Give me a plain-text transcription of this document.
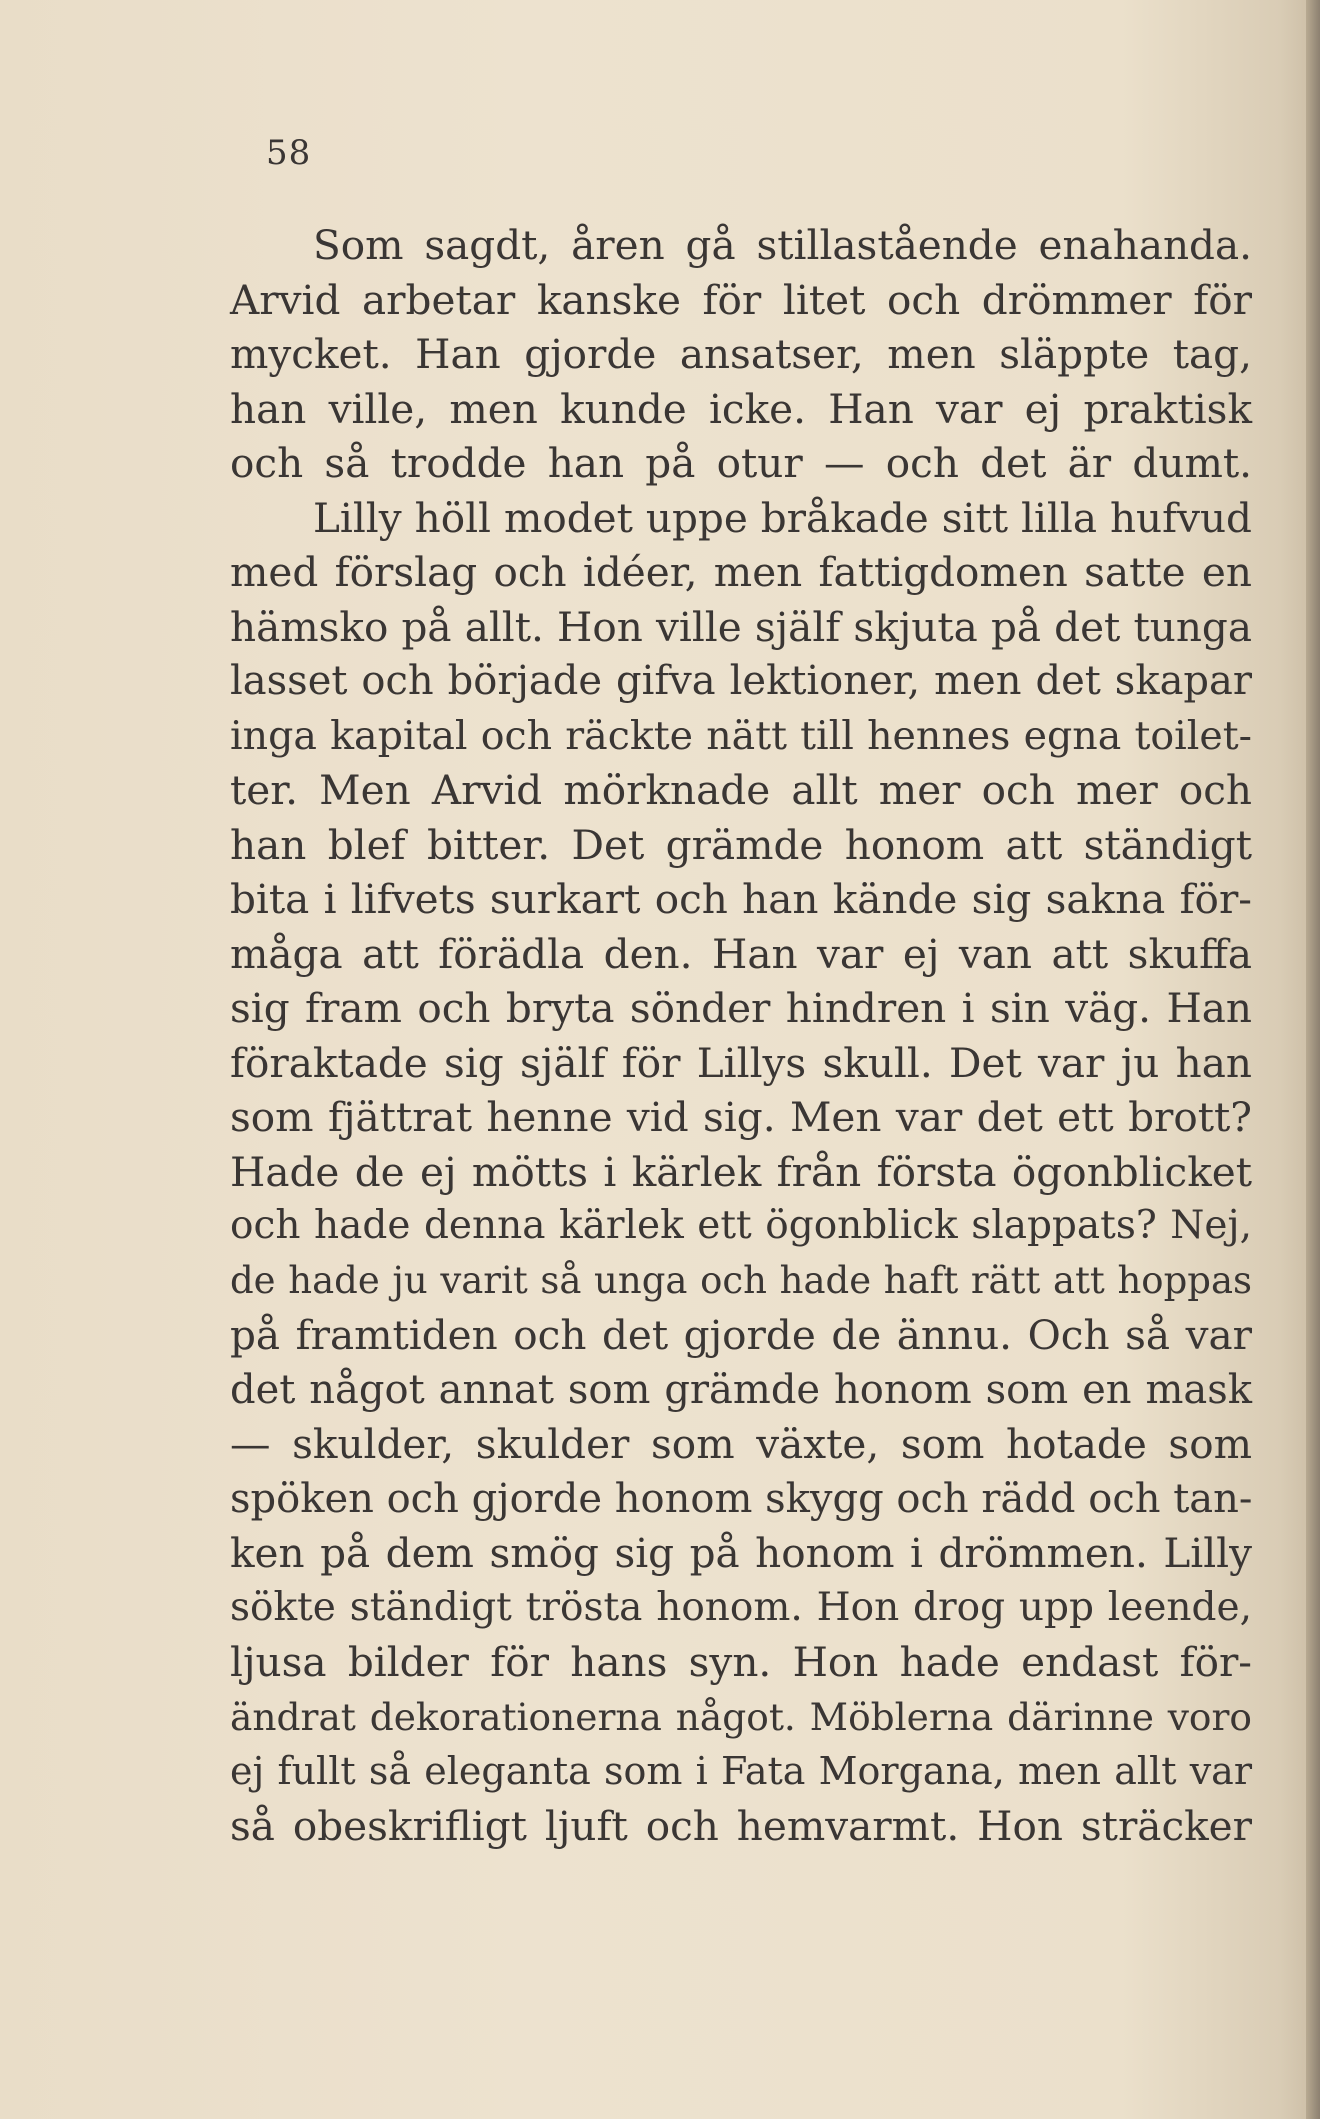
58
Som sagdt, åren gå stillastående enahanda.
Arvid arbetar kanske för litet och drömmer för
mycket. Han gjorde ansatser, men släppte tag,
han ville, men kunde icke. Han var ej praktisk
och så trodde han på otur — och det är dumt.
Lilly höll modet uppe bråkade sitt lilla hufvud
med förslag och idéer, men fattigdomen satte en
hämsko på allt. Hon ville själf skjuta på det tunga
lasset och började gifva lektioner, men det skapar
inga kapital och räckte nätt till hennes egna toilet-
ter. Men Arvid mörknade allt mer och mer och
han blef bitter. Det grämde honom att ständigt
bita i lifvets surkart och han kände sig sakna för-
måga att förädla den. Han var ej van att skuffa
sig fram och bryta sönder hindren i sin väg. Han
föraktade sig själf för Lillys skull. Det var ju han
som fjättrat henne vid sig. Men var det ett brott?
Hade de ej mötts i kärlek från första ögonblicket
och hade denna kärlek ett ögonblick slappats? Nej,
de hade ju varit så unga och hade haft rätt att hoppas
på framtiden och det gjorde de ännu. Och så var
det något annat som grämde honom som en mask
— skulder, skulder som växte, som hotade som
spöken och gjorde honom skygg och rädd och tan-
ken på dem smög sig på honom i drömmen. Lilly
sökte ständigt trösta honom. Hon drog upp leende,
ljusa bilder för hans syn. Hon hade endast för-
ändrat dekorationerna något. Möblerna därinne voro
ej fullt så eleganta som i Fata Morgana, men allt var
så obeskrifligt ljuft och hemvarmt. Hon sträcker
